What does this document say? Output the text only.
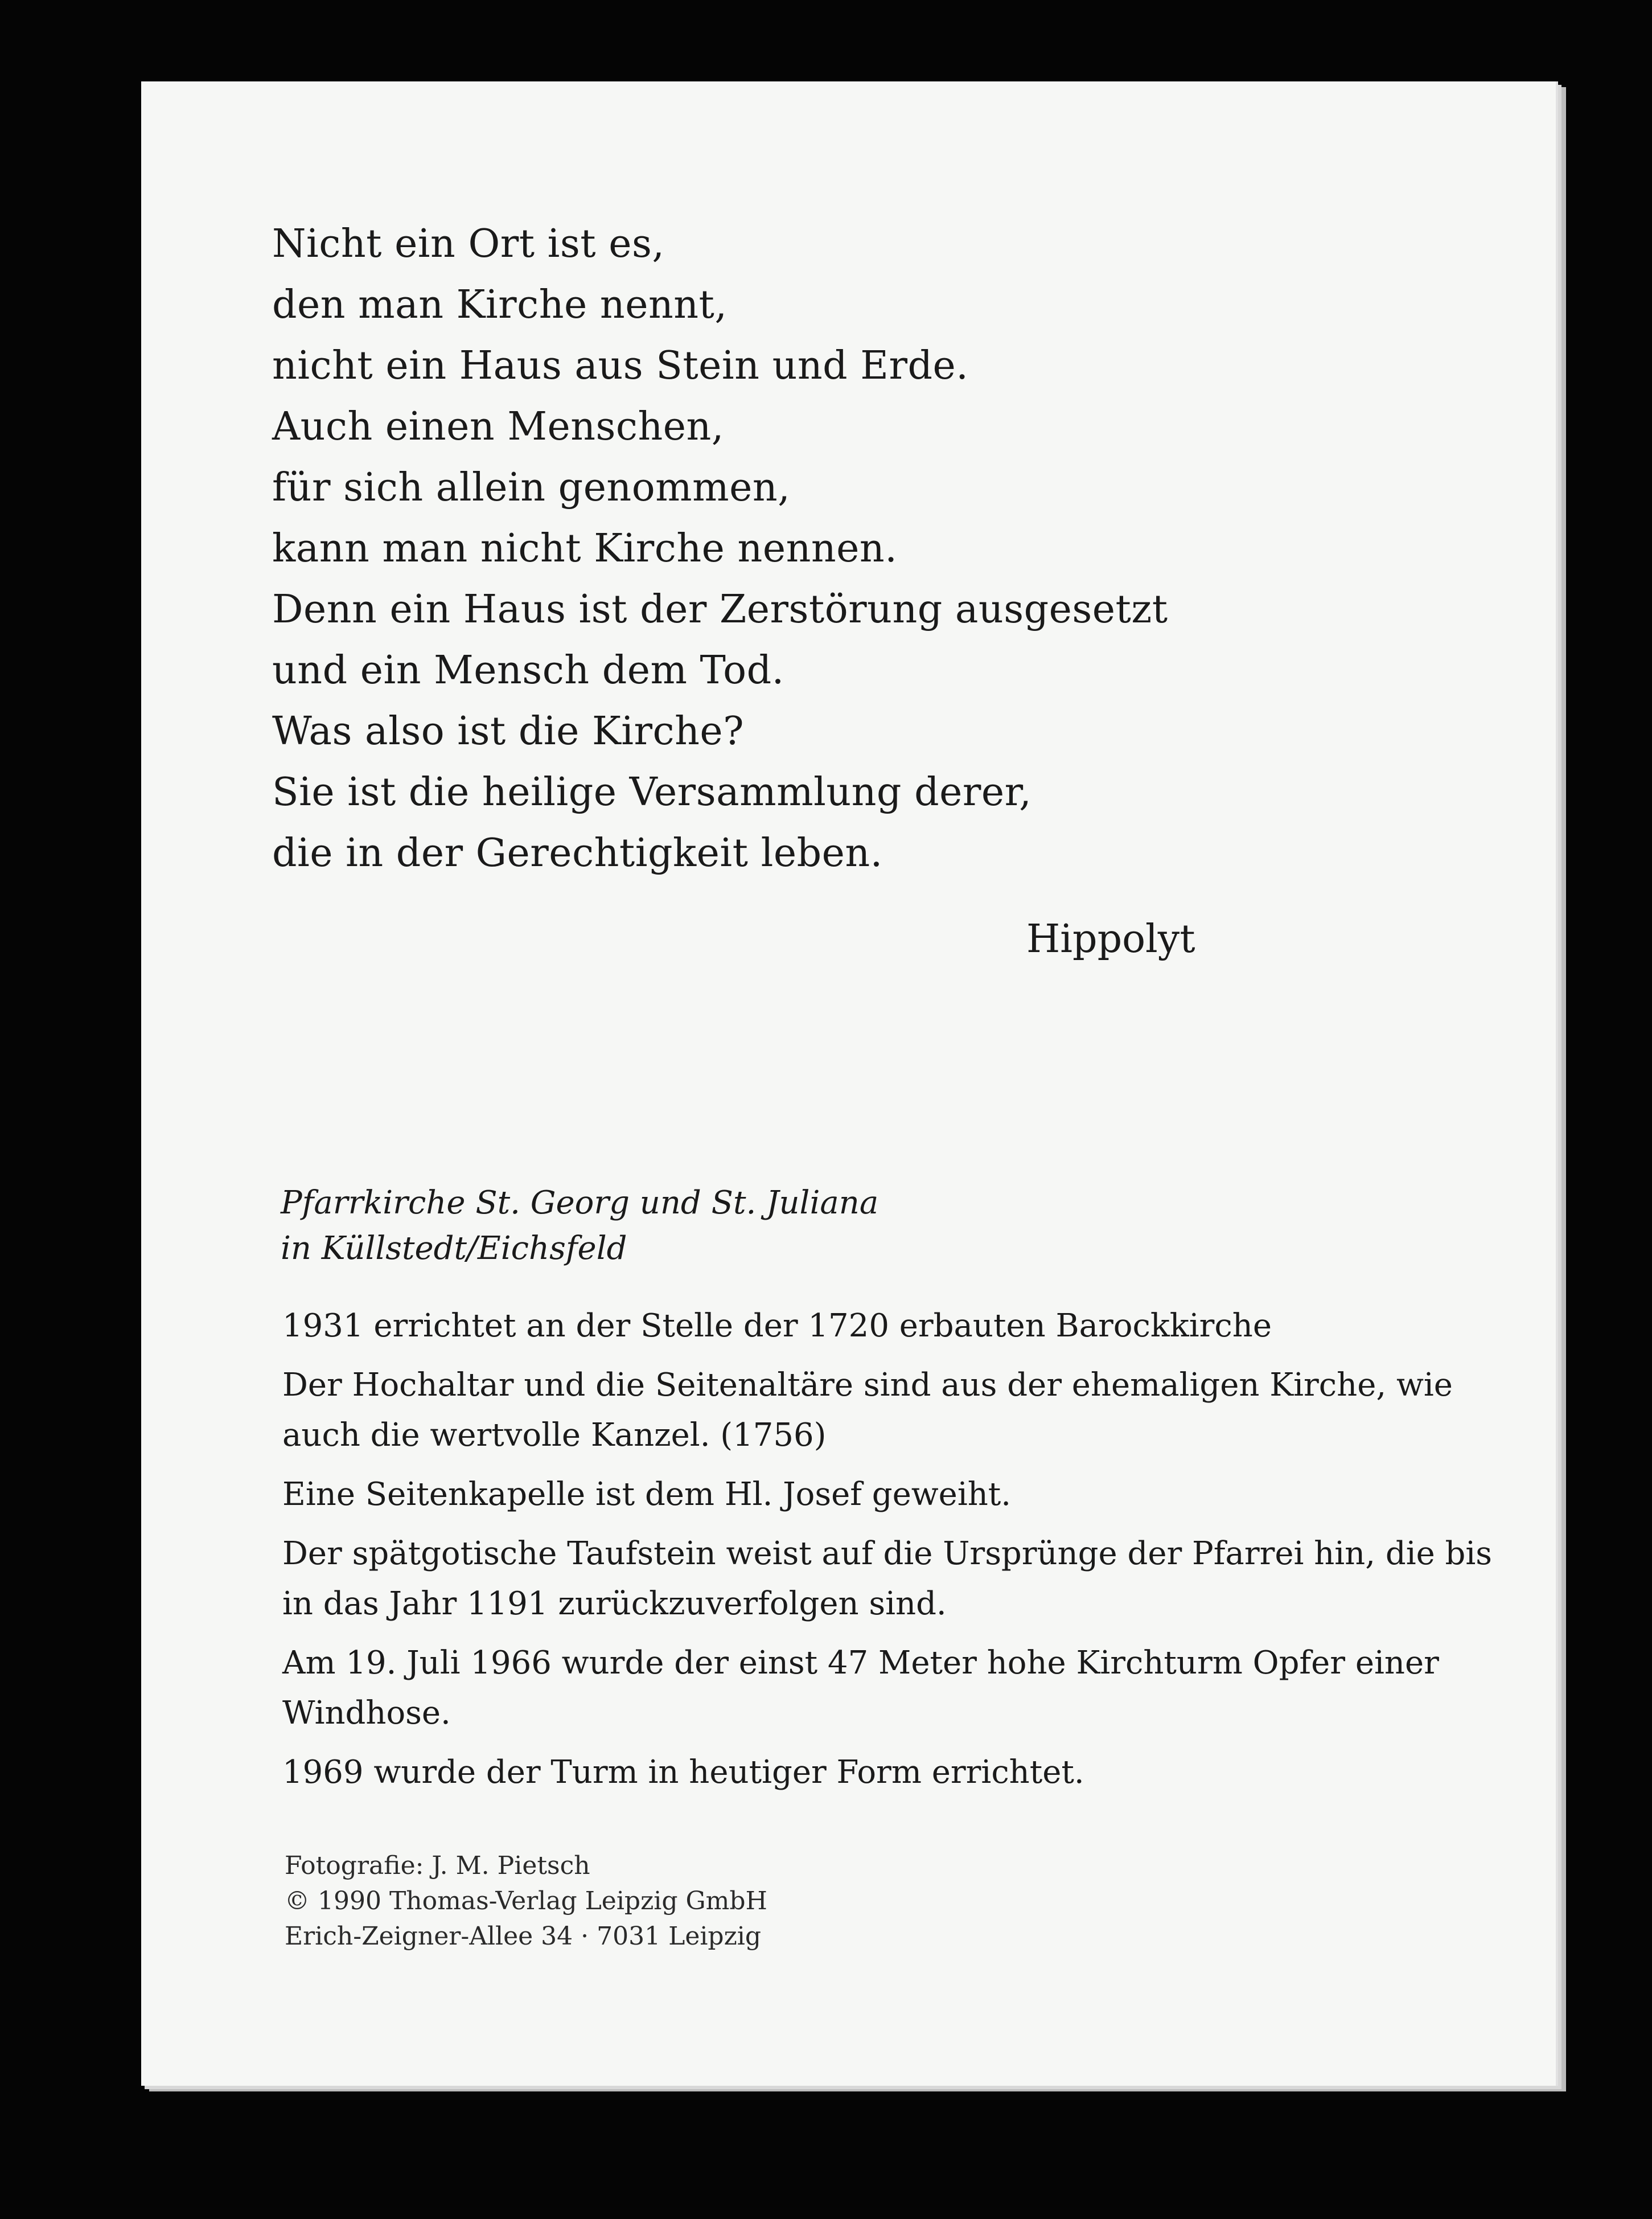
Nicht ein Ort ist es,
den man Kirche nennt,
nicht ein Haus aus Stein und Erde.
Auch einen Menschen,
für sich allein genommen,
kann man nicht Kirche nennen.
Denn ein Haus ist der Zerstörung ausgesetzt
und ein Mensch dem Tod.
Was also ist die Kirche?
Sie ist die heilige Versammlung derer,
die in der Gerechtigkeit leben.
Hippolyt
Pfarrkirche St. Georg und St. Juliana
in Küllstedt/Eichsfeld

1931 errichtet an der Stelle der 1720 erbauten Barockkirche

Der Hochaltar und die Seitenaltäre sind aus der ehemaligen Kirche, wie auch die wertvolle Kanzel. (1756)

Eine Seitenkapelle ist dem Hl. Josef geweiht.

Der spätgotische Taufstein weist auf die Ursprünge der Pfarrei hin, die bis in das Jahr 1191 zurückzuverfolgen sind.

Am 19. Juli 1966 wurde der einst 47 Meter hohe Kirchturm Opfer einer Windhose.

1969 wurde der Turm in heutiger Form errichtet.

Fotografie: J. M. Pietsch
© 1990 Thomas-Verlag Leipzig GmbH
Erich-Zeigner-Allee 34 · 7031 Leipzig
